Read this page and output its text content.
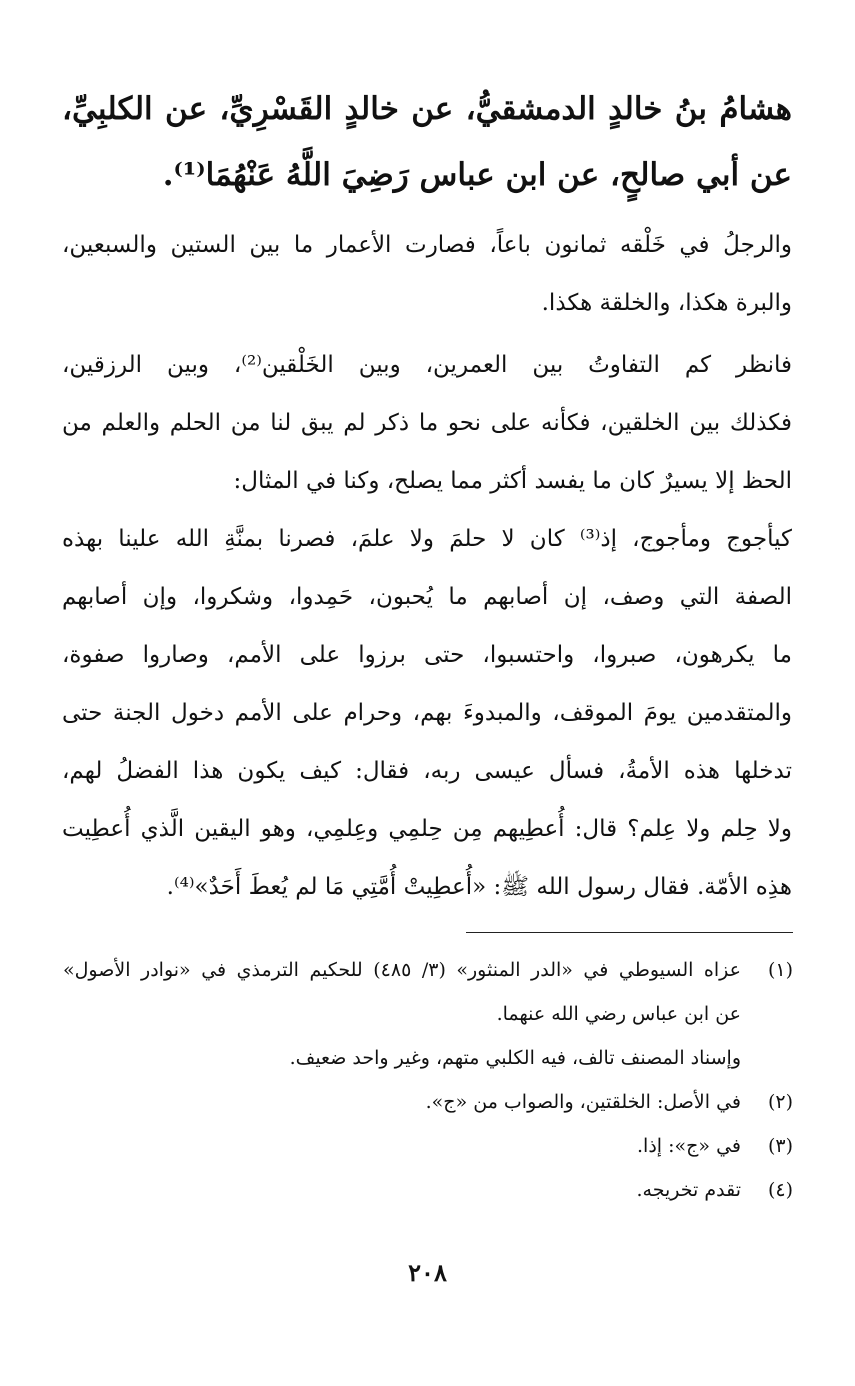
هشامُ بنُ خالدٍ الدمشقيُّ، عن خالدٍ القَسْرِيِّ، عن الكلبِيِّ،
عن أبي صالحٍ، عن ابن عباس رَضِيَ اللَّهُ عَنْهُمَا⁽¹⁾.
والرجلُ في خَلْقه ثمانون باعاً، فصارت الأعمار ما بين الستين والسبعين،
والبرة هكذا، والخلقة هكذا.
فانظر كم التفاوتُ بين العمرين، وبين الخَلْقين⁽²⁾، وبين الرزقين،
فكذلك بين الخلقين، فكأنه على نحو ما ذكر لم يبق لنا من الحلم والعلم من
الحظ إلا يسيرٌ كان ما يفسد أكثر مما يصلح، وكنا في المثال:
كيأجوج ومأجوج، إذ⁽³⁾ كان لا حلمَ ولا علمَ، فصرنا بمنَّةِ الله علينا بهذه
الصفة التي وصف، إن أصابهم ما يُحبون، حَمِدوا، وشكروا، وإن أصابهم
ما يكرهون، صبروا، واحتسبوا، حتى برزوا على الأمم، وصاروا صفوة،
والمتقدمين يومَ الموقف، والمبدوءَ بهم، وحرام على الأمم دخول الجنة حتى
تدخلها هذه الأمةُ، فسأل عيسى ربه، فقال: كيف يكون هذا الفضلُ لهم،
ولا حِلم ولا عِلم؟ قال: أُعطِيهم مِن حِلمِي وعِلمِي، وهو اليقين الَّذي أُعطِيت
هذِه الأمّة. فقال رسول الله ﷺ: «أُعطِيتْ أُمَّتِي مَا لم يُعطَ أَحَدٌ»⁽⁴⁾.
(١)
عزاه السيوطي في «الدر المنثور» (٣/ ٤٨٥) للحكيم الترمذي في «نوادر الأصول»
عن ابن عباس رضي الله عنهما.
وإسناد المصنف تالف، فيه الكلبي متهم، وغير واحد ضعيف.
(٢)
في الأصل: الخلقتين، والصواب من «ج».
(٣)
في «ج»: إذا.
(٤)
تقدم تخريجه.
٢٠٨
